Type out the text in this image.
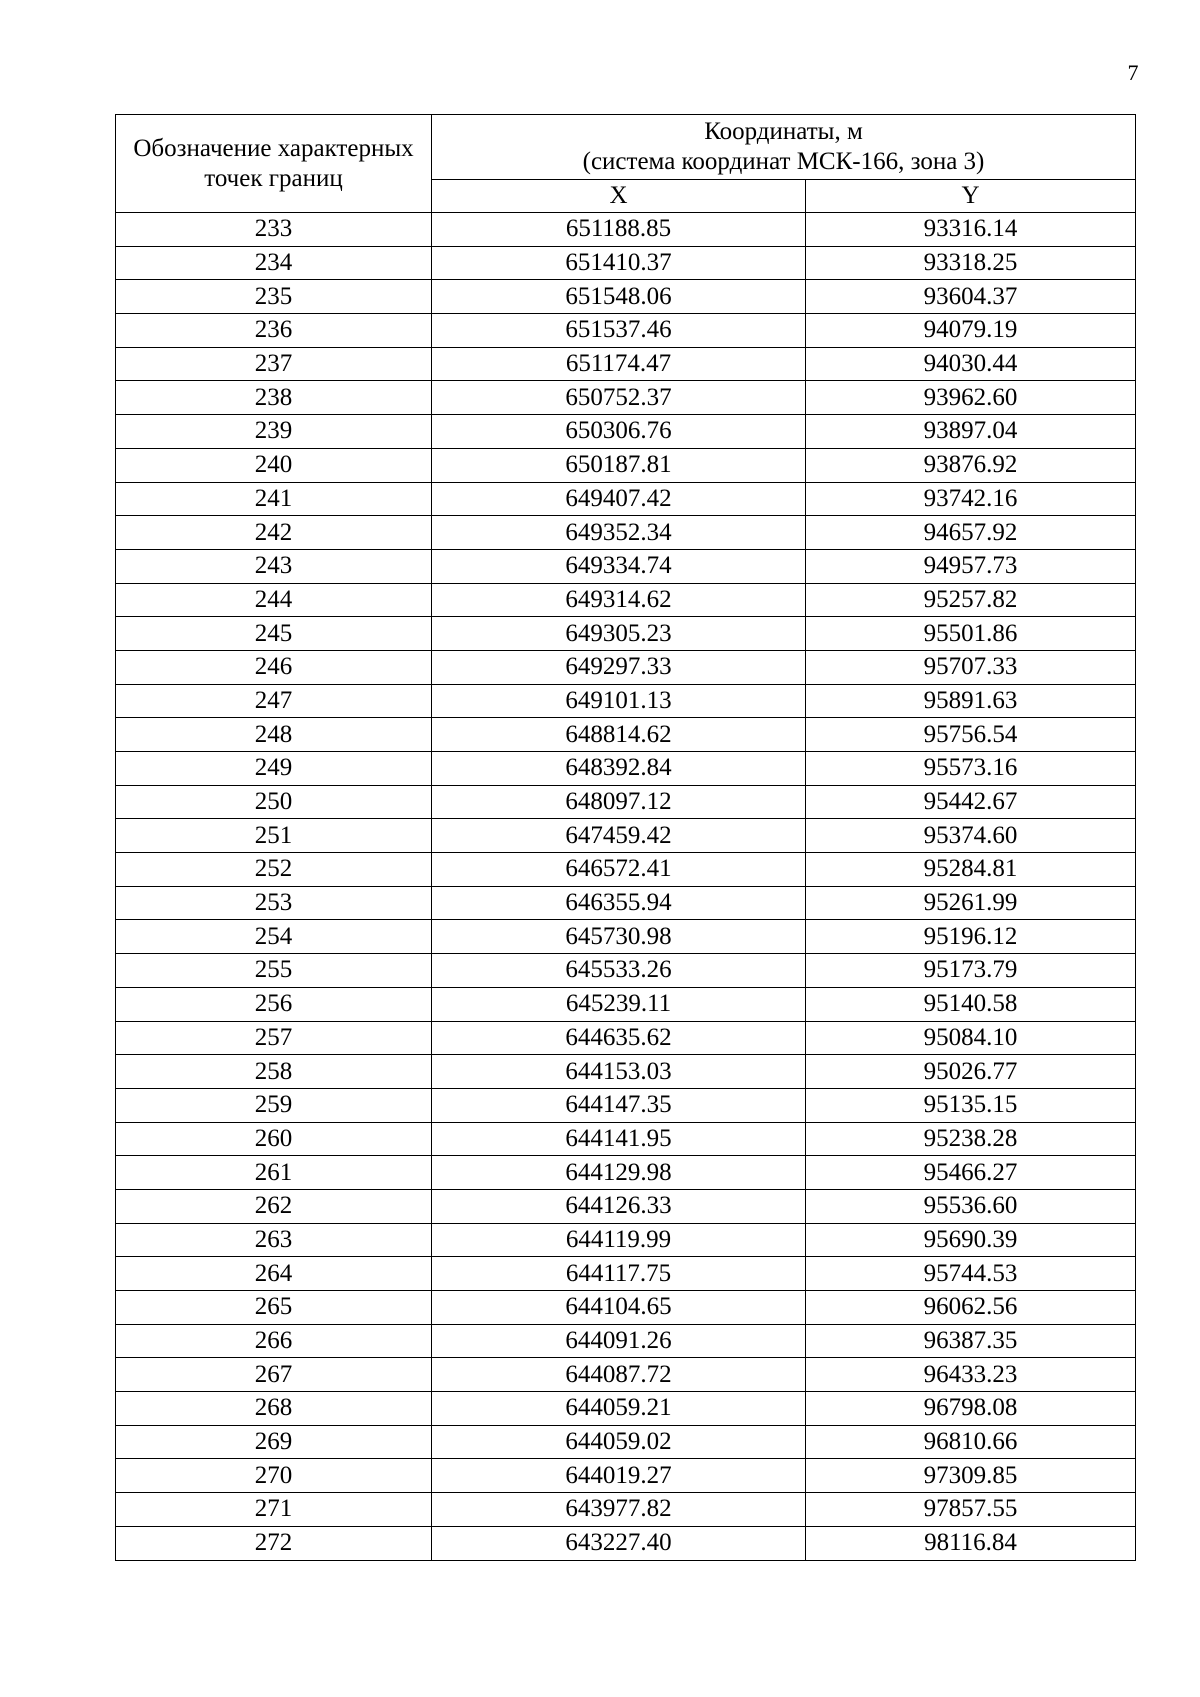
7
Обозначение характерных точек границ	Координаты, м
(система координат МСК-166, зона 3)	

	X	Y
233	651188.85	93316.14
234	651410.37	93318.25
235	651548.06	93604.37
236	651537.46	94079.19
237	651174.47	94030.44
238	650752.37	93962.60
239	650306.76	93897.04
240	650187.81	93876.92
241	649407.42	93742.16
242	649352.34	94657.92
243	649334.74	94957.73
244	649314.62	95257.82
245	649305.23	95501.86
246	649297.33	95707.33
247	649101.13	95891.63
248	648814.62	95756.54
249	648392.84	95573.16
250	648097.12	95442.67
251	647459.42	95374.60
252	646572.41	95284.81
253	646355.94	95261.99
254	645730.98	95196.12
255	645533.26	95173.79
256	645239.11	95140.58
257	644635.62	95084.10
258	644153.03	95026.77
259	644147.35	95135.15
260	644141.95	95238.28
261	644129.98	95466.27
262	644126.33	95536.60
263	644119.99	95690.39
264	644117.75	95744.53
265	644104.65	96062.56
266	644091.26	96387.35
267	644087.72	96433.23
268	644059.21	96798.08
269	644059.02	96810.66
270	644019.27	97309.85
271	643977.82	97857.55
272	643227.40	98116.84
